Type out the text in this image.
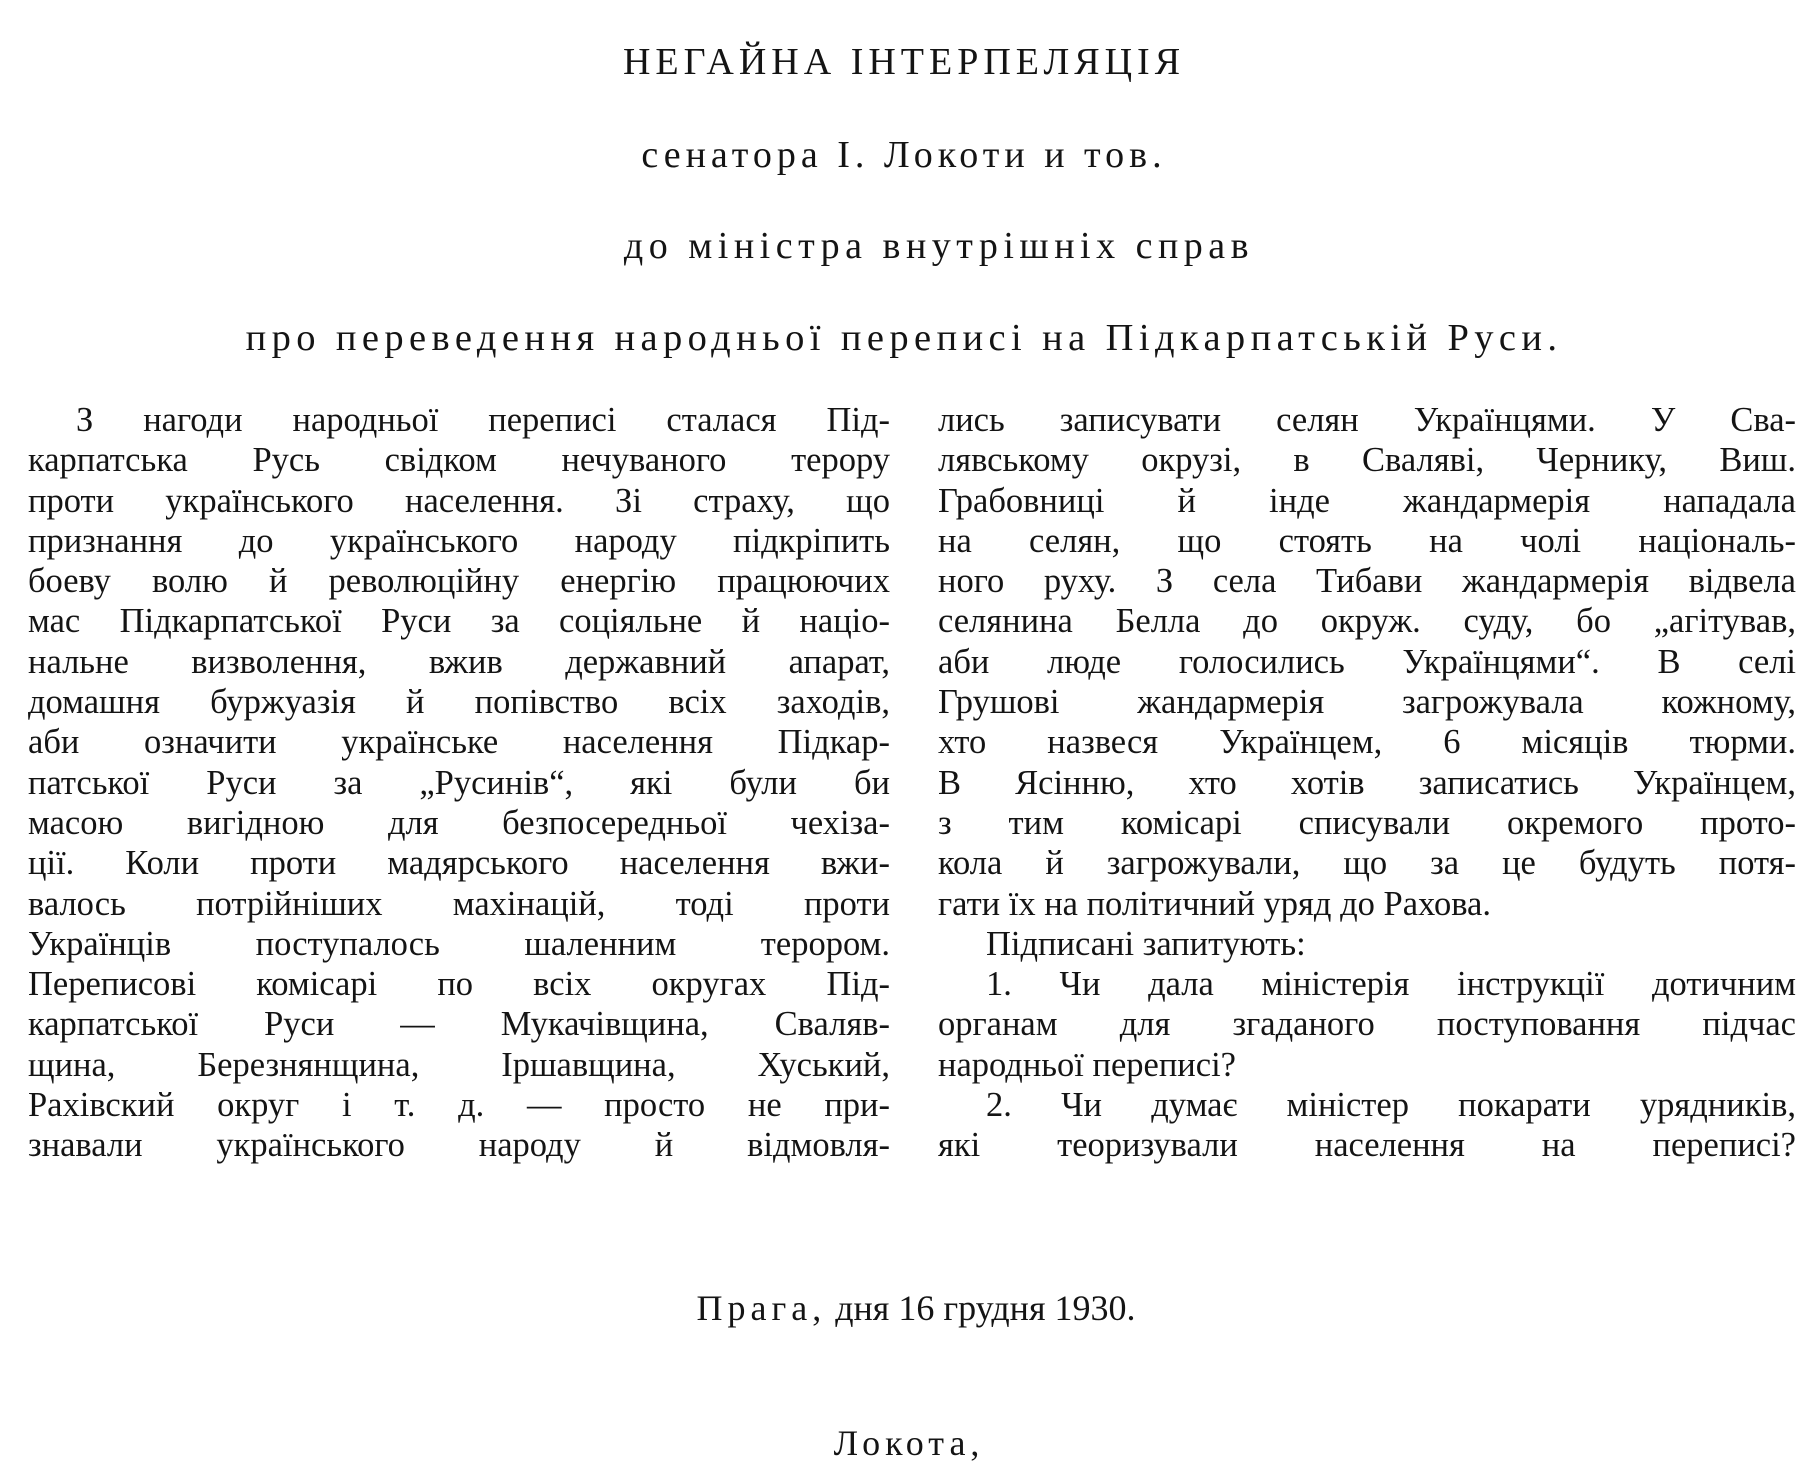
НЕГАЙНА ІНТЕРПЕЛЯЦІЯ
сенатора І. Локоти и тов.
до міністра внутрішніх справ
про переведення народньої переписі на Підкарпатській Руси.
З нагоди народньої переписі сталася Під-
карпатська Русь свідком нечуваного терору
проти українського населення. Зі страху, що
признання до українського народу підкріпить
боеву волю й революційну енергію працюючих
мас Підкарпатської Руси за соціяльне й націо-
нальне визволення, вжив державний апарат,
домашня буржуазія й попівство всіх заходів,
аби означити українське населення Підкар-
патської Руси за „Русинів“, які були би
масою вигідною для безпосередньої чехіза-
ції. Коли проти мадярського населення вжи-
валось потрійніших махінацій, тоді проти
Українців поступалось шаленним терором.
Переписові комісарі по всіх округах Під-
карпатської Руси — Мукачівщина, Сваляв-
щина, Березнянщина, Іршавщина, Хуський,
Рахівский округ і т. д. — просто не при-
знавали українського народу й відмовля-
лись записувати селян Українцями. У Сва-
лявському окрузі, в Сваляві, Чернику, Виш.
Грабовниці й інде жандармерія нападала
на селян, що стоять на чолі національ-
ного руху. З села Тибави жандармерія відвела
селянина Белла до окруж. суду, бо „агітував,
аби люде голосились Українцями“. В селі
Грушові жандармерія загрожувала кожному,
хто назвеся Українцем, 6 місяців тюрми.
В Ясінню, хто хотів записатись Українцем,
з тим комісарі списували окремого прото-
кола й загрожували, що за це будуть потя-
гати їх на політичний уряд до Рахова.
Підписані запитують:
1. Чи дала міністерія інструкції дотичним
органам для згаданого поступовання підчас
народньої переписі?
2. Чи думає міністер покарати урядників,
які теоризували населення на переписі?
Прага, дня 16 грудня 1930.
Локота,
